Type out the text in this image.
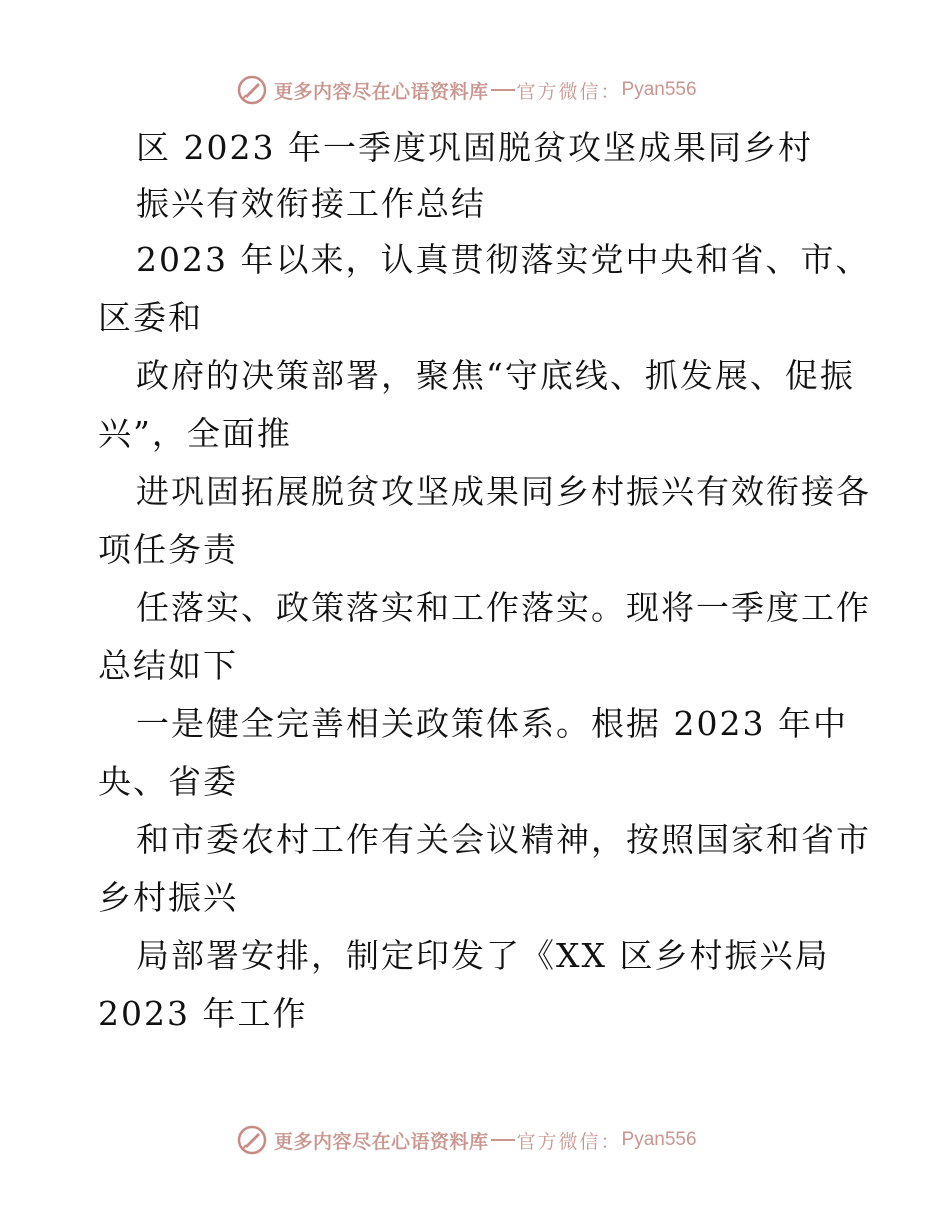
更多内容尽在心语资料库 官方微信： Pyan556
区 2023 年一季度巩固脱贫攻坚成果同乡村
振兴有效衔接工作总结
2023 年以来，认真贯彻落实党中央和省、市、
区委和
政府的决策部署，聚焦“守底线、抓发展、促振
兴”，全面推
进巩固拓展脱贫攻坚成果同乡村振兴有效衔接各
项任务责
任落实、政策落实和工作落实。现将一季度工作
总结如下
一是健全完善相关政策体系。根据 2023 年中
央、省委
和市委农村工作有关会议精神，按照国家和省市
乡村振兴
局部署安排，制定印发了《XX 区乡村振兴局
2023 年工作
更多内容尽在心语资料库 官方微信： Pyan556
